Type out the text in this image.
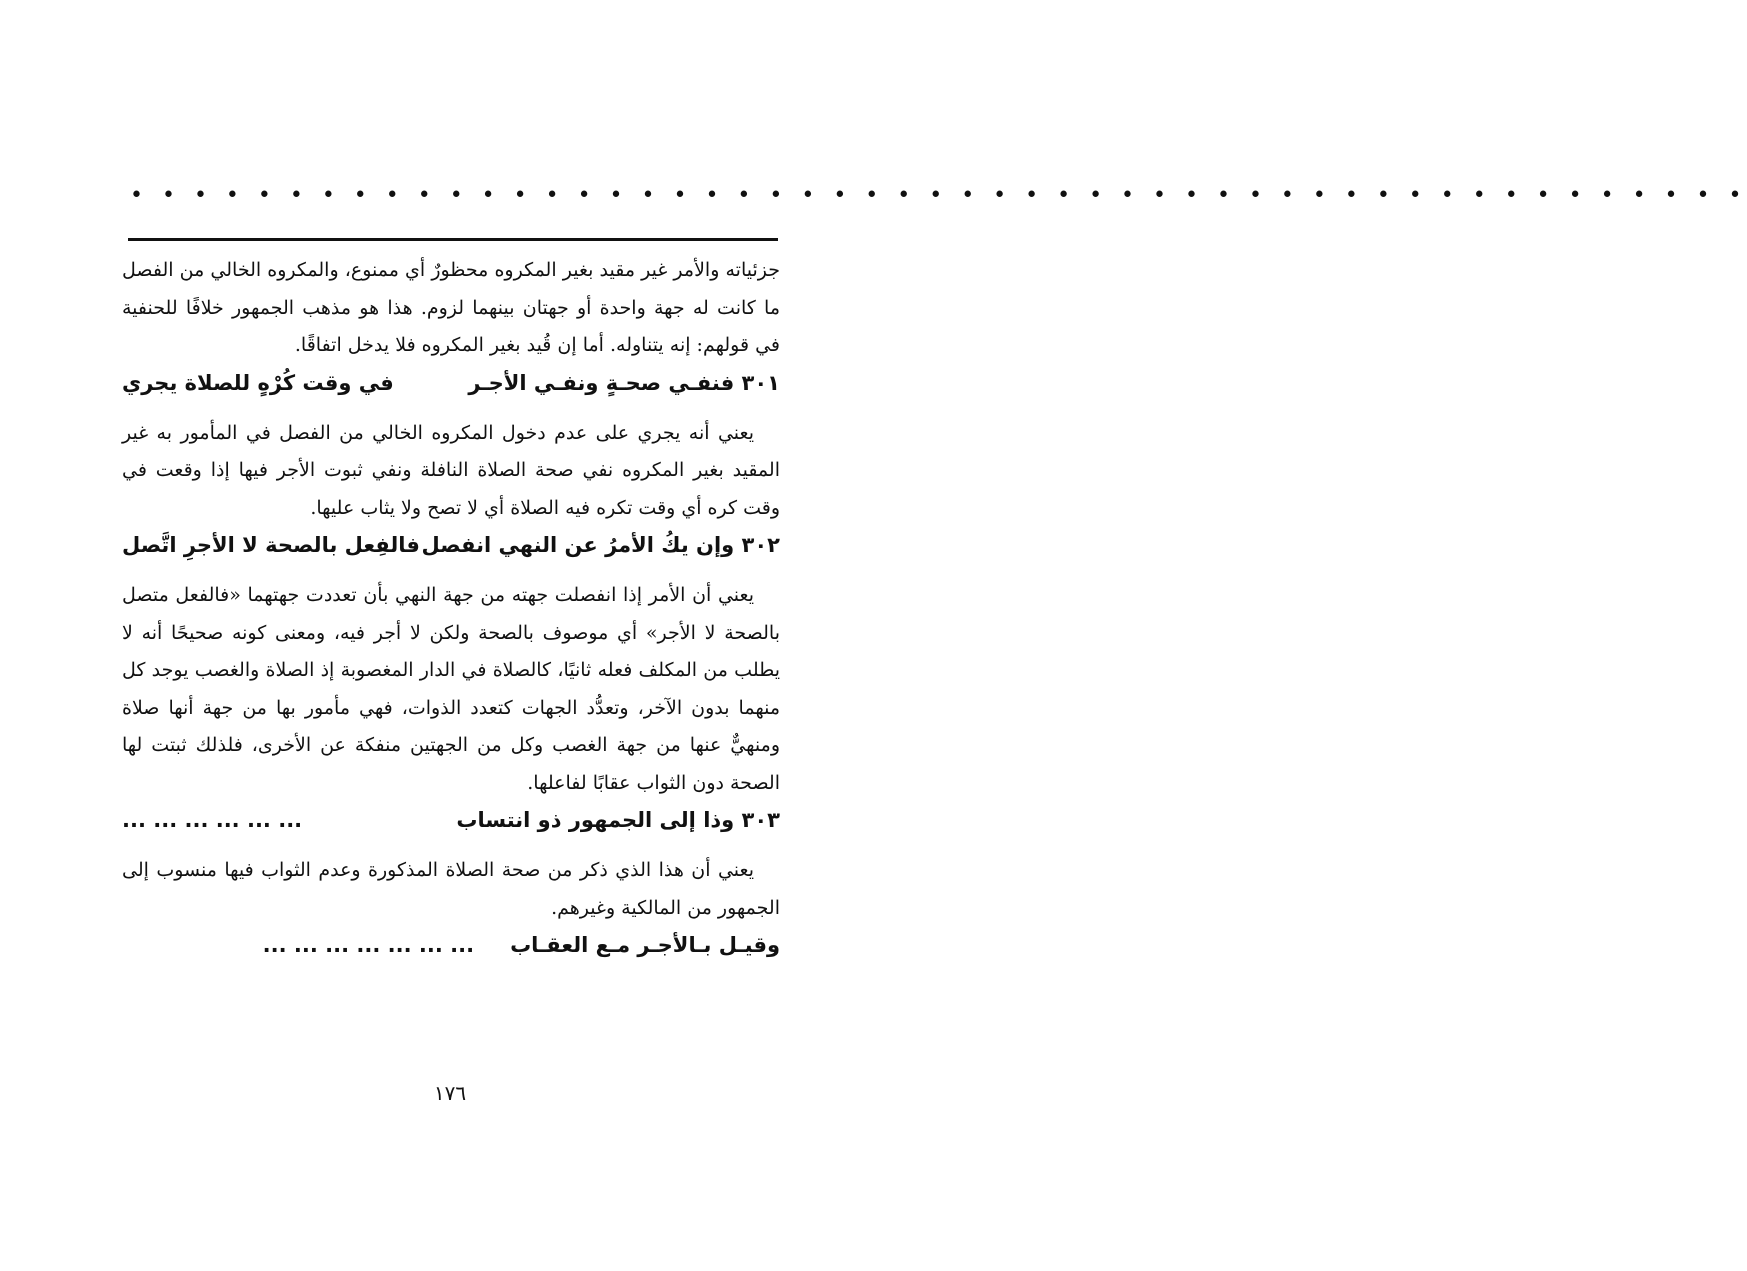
• • • • • • • • • • • • • • • • • • • • • • • • • • • • • • • • • • • • • • • • • • • • • • • • • • •

جزئياته والأمر غير مقيد بغير المكروه محظورٌ أي ممنوع، والمكروه الخالي من الفصل ما كانت له جهة واحدة أو جهتان بينهما لزوم. هذا هو مذهب الجمهور خلافًا للحنفية في قولهم: إنه يتناوله. أما إن قُيد بغير المكروه فلا يدخل اتفاقًا.

٣٠١ فنفـي صحـةٍ ونفـي الأجـر
في وقت كُرْهٍ للصلاة يجري

يعني أنه يجري على عدم دخول المكروه الخالي من الفصل في المأمور به غير المقيد بغير المكروه نفي صحة الصلاة النافلة ونفي ثبوت الأجر فيها إذا وقعت في وقت كره أي وقت تكره فيه الصلاة أي لا تصح ولا يثاب عليها.

٣٠٢ وإن يكُ الأمرُ عن النهي انفصل
فالفِعل بالصحة لا الأجرِ اتَّصل

يعني أن الأمر إذا انفصلت جهته من جهة النهي بأن تعددت جهتهما «فالفعل متصل بالصحة لا الأجر» أي موصوف بالصحة ولكن لا أجر فيه، ومعنى كونه صحيحًا أنه لا يطلب من المكلف فعله ثانيًا، كالصلاة في الدار المغصوبة إذ الصلاة والغصب يوجد كل منهما بدون الآخر، وتعدُّد الجهات كتعدد الذوات، فهي مأمور بها من جهة أنها صلاة ومنهيٌّ عنها من جهة الغصب وكل من الجهتين منفكة عن الأخرى، فلذلك ثبتت لها الصحة دون الثواب عقابًا لفاعلها.

٣٠٣ وذا إلى الجمهور ذو انتساب
... ... ... ... ... ...

يعني أن هذا الذي ذكر من صحة الصلاة المذكورة وعدم الثواب فيها منسوب إلى الجمهور من المالكية وغيرهم.

وقيـل بـالأجـر مـع العقـاب
... ... ... ... ... ... ...
١٧٦
